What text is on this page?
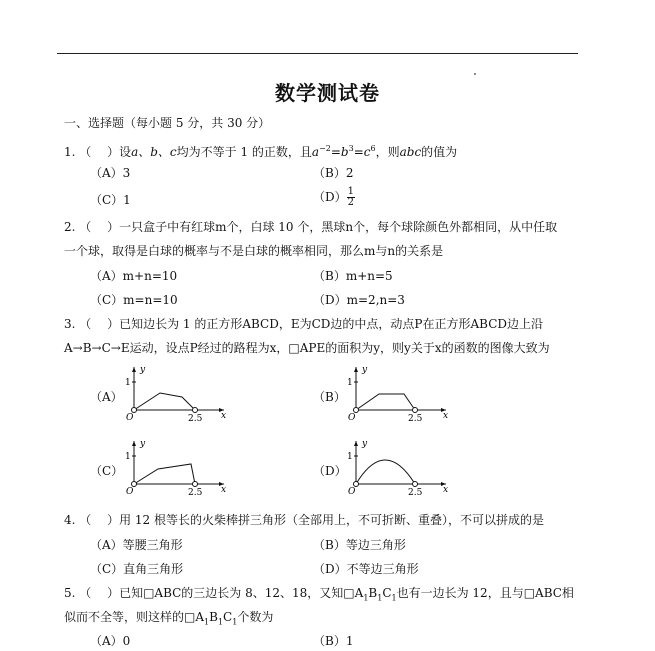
数学测试卷
一、选择题（每小题 5 分，共 30 分）
1. （　 ）设a、b、c均为不等于 1 的正数，且$a^{-2}=b^3=c^6$，则abc的值为
（A）3	（B）2
（C）1	$(D) \frac{1}{2}$
2. （　 ）一只盒子中有红球m个，白球 10 个，黑球n个，每个球除颜色外都相同，从中任取
一个球，取得是白球的概率与不是白球的概率相同，那么m与n的关系是
（A）m+n=10	（B）m+n=5
（C）m=n=10	（D）m=2,n=3
3. （　 ）已知边长为 1 的正方形ABCD，E为CD边的中点，动点P在正方形ABCD边上沿
A→B→C→E运动，设点P经过的路程为x，□APE的面积为y，则y关于x的函数的图像大致为
（A）	（B）
（C）	（D）
y
x
O
1
2.5
y
x
O
1
2.5
y
x
O
1
2.5
y
x
O
1
2.5
4. （　 ）用 12 根等长的火柴棒拼三角形（全部用上，不可折断、重叠），不可以拼成的是
（A）等腰三角形	（B）等边三角形
（C）直角三角形	（D）不等边三角形
5. （　 ）已知□ABC的三边长为 8、12、18，又知$□A_1B_1C_1$也有一边长为 12，且与□ABC相
似而不全等，则这样的$□A_1B_1C_1$个数为
（A）0	（B）1
